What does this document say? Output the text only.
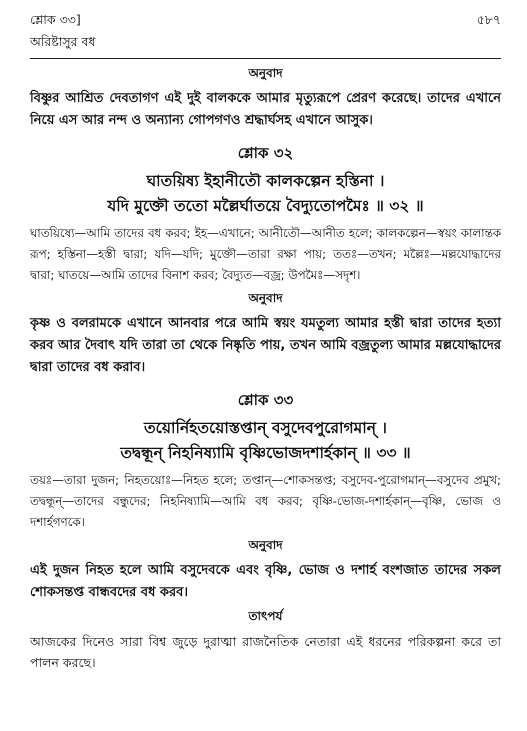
শ্লোক ৩৩]	৫৮৭
অরিষ্টাসুর বধ
অনুবাদ

বিষ্ণুর আশ্রিত দেবতাগণ এই দুই বালককে আমার মৃত্যুরূপে প্রেরণ করেছে। তাদের এখানে নিয়ে এস আর নন্দ ও অন্যান্য গোপগণও শ্রদ্ধার্ঘসহ এখানে আসুক।

শ্লোক ৩২

ঘাতয়িষ্য ইহানীতৌ কালকল্পেন হস্তিনা ।

যদি মুক্তৌ ততো মল্লৈর্ঘাতয়ে বৈদ্যুতোপমৈঃ ॥ ৩২ ॥

ঘাতয়িষ্যে—আমি তাদের বধ করব; ইহ—এখানে; আনীতৌ—আনীত হলে; কালকল্পেন—স্বয়ং কালান্তক রূপ; হস্তিনা—হস্তী দ্বারা; যদি—যদি; মুক্তৌ—তারা রক্ষা পায়; ততঃ—তখন; মল্লৈঃ—মল্লযোদ্ধাদের দ্বারা; ঘাতয়ে—আমি তাদের বিনাশ করব; বৈদ্যুত—বজ্র; উপমৈঃ—সদৃশ।

অনুবাদ

কৃষ্ণ ও বলরামকে এখানে আনবার পরে আমি স্বয়ং যমতুল্য আমার হস্তী দ্বারা তাদের হত্যা করব আর দৈবাৎ যদি তারা তা থেকে নিষ্কৃতি পায়, তখন আমি বজ্রতুল্য আমার মল্লযোদ্ধাদের দ্বারা তাদের বধ করাব।

শ্লোক ৩৩

তয়োর্নিহতয়োস্তপ্তান্ বসুদেবপুরোগমান্ ।

তদ্বন্ধূন্ নিহনিষ্যামি বৃষ্ণিভোজদশার্হকান্ ॥ ৩৩ ॥

তয়ঃ—তারা দুজন; নিহতয়োঃ—নিহত হলে; তপ্তান্—শোকসন্তপ্ত; বসুদেব-পুরোগমান্—বসুদেব প্রমুখ; তদ্বন্ধূন্—তাদের বন্ধুদের; নিহনিষ্যামি—আমি বধ করব; বৃষ্ণি-ভোজ-দশার্হকান্—বৃষ্ণি, ভোজ ও দশার্হগণকে।

অনুবাদ

এই দুজন নিহত হলে আমি বসুদেবকে এবং বৃষ্ণি, ভোজ ও দশার্হ বংশজাত তাদের সকল শোকসন্তপ্ত বান্ধবদের বধ করব।

তাৎপর্য

আজকের দিনেও সারা বিশ্ব জুড়ে দুরাত্মা রাজনৈতিক নেতারা এই ধরনের পরিকল্পনা করে তা পালন করছে।
